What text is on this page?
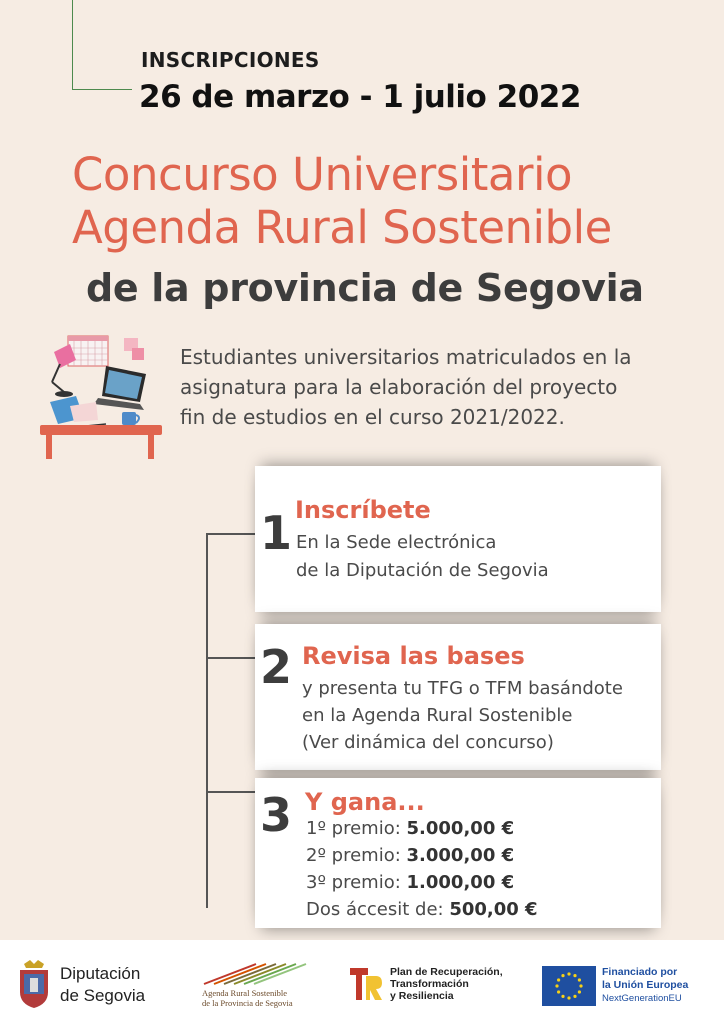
INSCRIPCIONES
26 de marzo - 1 julio 2022
Concurso Universitario
Agenda Rural Sostenible
de la provincia de Segovia
Estudiantes universitarios matriculados en la
asignatura para la elaboración del proyecto
fin de estudios en el curso 2021/2022.
1 Inscríbete
En la Sede electrónica
de la Diputación de Segovia
2 Revisa las bases
y presenta tu TFG o TFM basándote
en la Agenda Rural Sostenible
(Ver dinámica del concurso)
3 Y gana...
1º premio: 5.000,00 €
2º premio: 3.000,00 €
3º premio: 1.000,00 €
Dos áccesit de: 500,00 €
Diputación
de Segovia	Agenda Rural Sostenible
de la Provincia de Segovia
Plan de Recuperación,
Transformación
y Resiliencia
Financiado por
la Unión Europea
NextGenerationEU
